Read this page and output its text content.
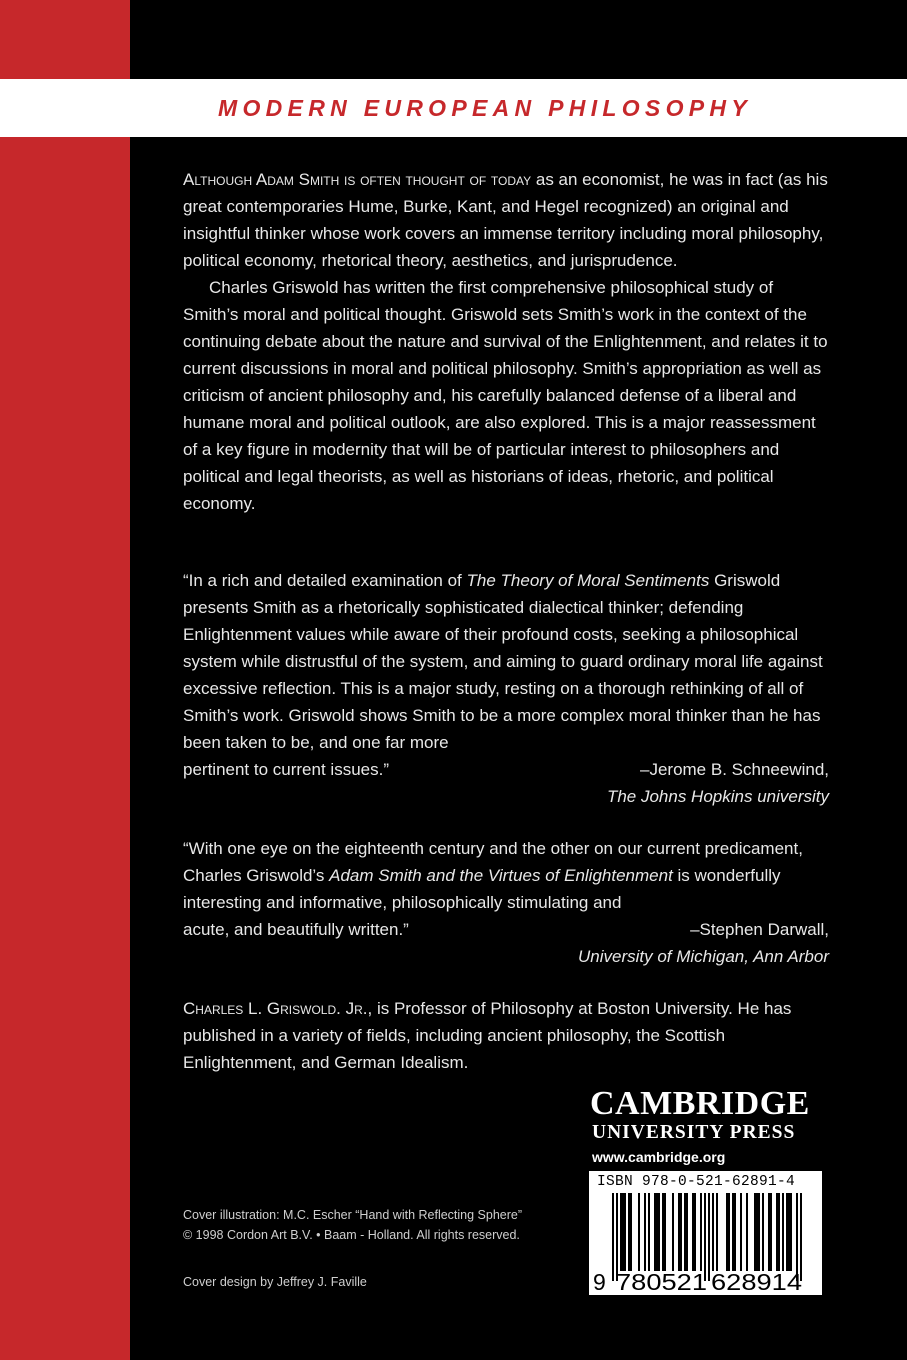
MODERN EUROPEAN PHILOSOPHY

Although Adam Smith is often thought of today as an economist, he was in fact (as his great contemporaries Hume, Burke, Kant, and Hegel recognized) an original and insightful thinker whose work covers an immense territory including moral philosophy, political economy, rhetorical theory, aesthetics, and jurisprudence.

Charles Griswold has written the first comprehensive philosophical study of Smith’s moral and political thought. Griswold sets Smith’s work in the context of the continuing debate about the nature and survival of the Enlightenment, and relates it to current discussions in moral and political philosophy. Smith’s appropriation as well as criticism of ancient philosophy and, his carefully balanced defense of a liberal and humane moral and political outlook, are also explored. This is a major reassessment of a key figure in modernity that will be of particular interest to philosophers and political and legal theorists, as well as historians of ideas, rhetoric, and political economy.

“In a rich and detailed examination of The Theory of Moral Sentiments Griswold presents Smith as a rhetorically sophisticated dialectical thinker; defending Enlightenment values while aware of their profound costs, seeking a philosophical system while distrustful of the system, and aiming to guard ordinary moral life against excessive reflection. This is a major study, resting on a thorough rethinking of all of Smith’s work. Griswold shows Smith to be a more complex moral thinker than he has been taken to be, and one far more

pertinent to current issues.”	–Jerome B. Schneewind,
The Johns Hopkins university

“With one eye on the eighteenth century and the other on our current predicament, Charles Griswold’s Adam Smith and the Virtues of Enlightenment is wonderfully interesting and informative, philosophically stimulating and

acute, and beautifully written.”	–Stephen Darwall,
University of Michigan, Ann Arbor

Charles L. Griswold. Jr., is Professor of Philosophy at Boston University. He has published in a variety of fields, including ancient philosophy, the Scottish Enlightenment, and German Idealism.

CAMBRIDGE
UNIVERSITY PRESS
www.cambridge.org
ISBN 978-0-521-62891-4
9 780521 628914
Cover illustration: M.C. Escher “Hand with Reflecting Sphere”
© 1998 Cordon Art B.V. • Baam - Holland. All rights reserved.
Cover design by Jeffrey J. Faville
